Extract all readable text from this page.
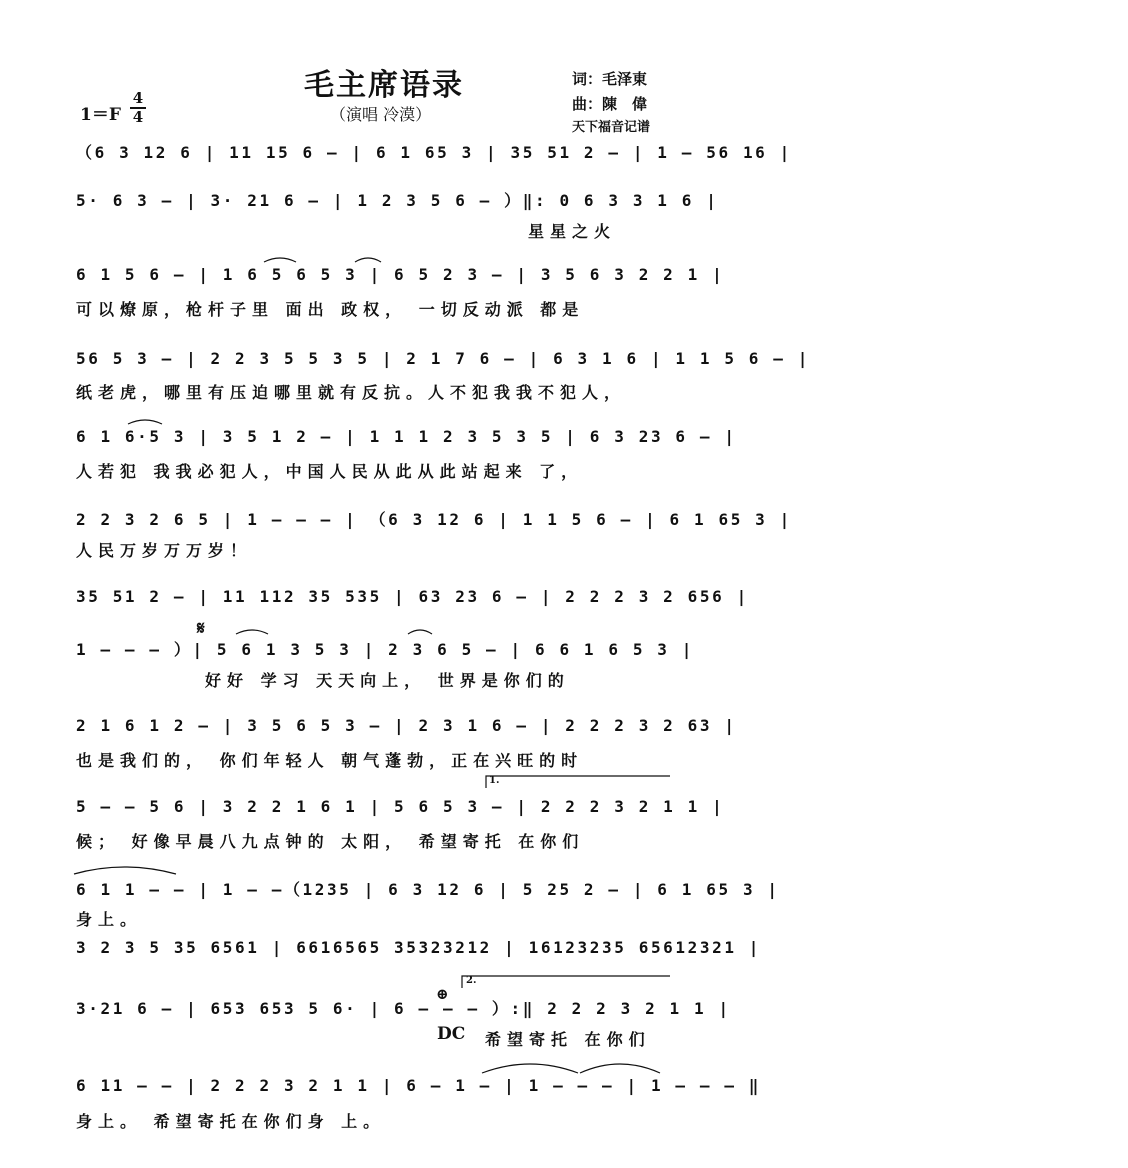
毛主席语录
（演唱 冷漠）
1＝F
4
4
词：毛泽東
曲：陳　偉
天下福音记谱
（6 3 12 6 | 11 15 6 – | 6 1 65 3 | 35 51 2 – | 1 – 56 16 |
5· 6 3 – | 3· 21 6 – | 1 2 3 5 6 – ）‖: 0 6 3 3 1 6 |
星星之火
6 1 5 6 – | 1 6 5 6 5 3 | 6 5 2 3 – | 3 5 6 3 2 2 1 |
可以燎原，枪杆子里 面出 政权， 一切反动派 都是
56 5 3 – | 2 2 3 5 5 3 5 | 2 1 7 6 – | 6 3 1 6 | 1 1 5 6 – |
纸老虎，哪里有压迫哪里就有反抗。人不犯我我不犯人，
6 1 6·5 3 | 3 5 1 2 – | 1 1 1 2 3 5 3 5 | 6 3 23 6 – |
人若犯 我我必犯人，中国人民从此从此站起来 了，
2 2 3 2 6 5 | 1 – – – | （6 3 12 6 | 1 1 5 6 – | 6 1 65 3 |
人民万岁万万岁！
35 51 2 – | 11 112 35 535 | 63 23 6 – | 2 2 2 3 2 656 |
1 – – – ）| 5 6 1 3 5 3 | 2 3 6 5 – | 6 6 1 6 5 3 |
好好 学习 天天向上， 世界是你们的
2 1 6 1 2 – | 3 5 6 5 3 – | 2 3 1 6 – | 2 2 2 3 2 63 |
也是我们的， 你们年轻人 朝气蓬勃，正在兴旺的时
5 – – 5 6 | 3 2 2 1 6 1 | 5 6 5 3 – | 2 2 2 3 2 1 1 |
候； 好像早晨八九点钟的 太阳， 希望寄托 在你们
6 1 1 – – | 1 – –（1235 | 6 3 12 6 | 5 25 2 – | 6 1 65 3 |
身上。
3 2 3 5 35 6561 | 6616565 35323212 | 16123235 65612321 |
3·21 6 – | 653 653 5 6· | 6 – – – ）:‖ 2 2 2 3 2 1 1 |
希望寄托 在你们
6 11 – – | 2 2 2 3 2 1 1 | 6 – 1 – | 1 – – – | 1 – – – ‖
身上。 希望寄托在你们身 上。
𝄋
⊕
DC
1.
2.
